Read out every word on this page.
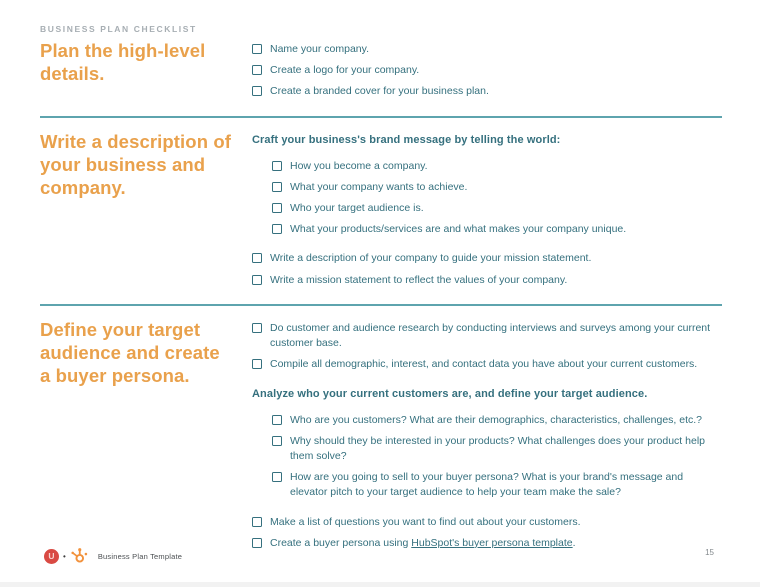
BUSINESS PLAN CHECKLIST
Plan the high-level details.
Name your company.
Create a logo for your company.
Create a branded cover for your business plan.
Write a description of your business and company.

Craft your business's brand message by telling the world:

How you become a company.
What your company wants to achieve.
Who your target audience is.
What your products/services are and what makes your company unique.
Write a description of your company to guide your mission statement.
Write a mission statement to reflect the values of your company.
Define your target audience and create a buyer persona.
Do customer and audience research by conducting interviews and surveys among your current customer base.
Compile all demographic, interest, and contact data you have about your current customers.

Analyze who your current customers are, and define your target audience.

Who are you customers? What are their demographics, characteristics, challenges, etc.?
Why should they be interested in your products? What challenges does your product help them solve?
How are you going to sell to your buyer persona? What is your brand's message and elevator pitch to your target audience to help your team make the sale?
Make a list of questions you want to find out about your customers.
Create a buyer persona using HubSpot's buyer persona template.
U	•	Business Plan Template	15
